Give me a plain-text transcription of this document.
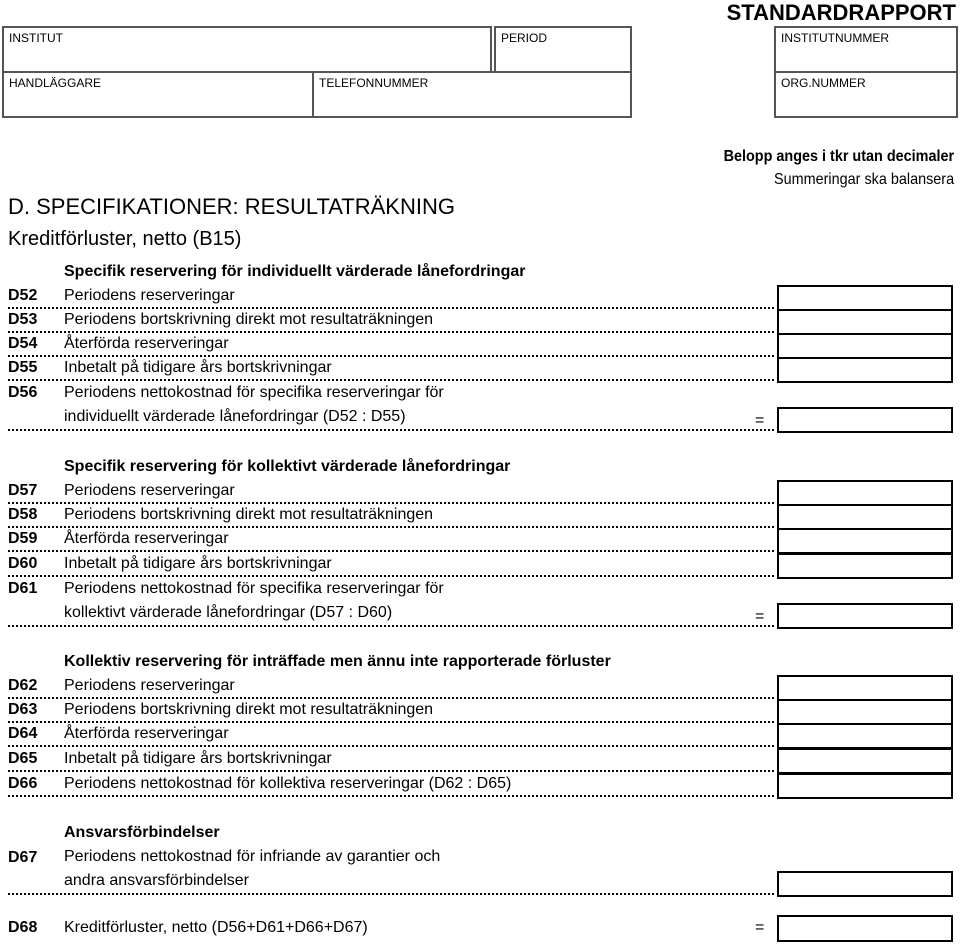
STANDARDRAPPORT
INSTITUT	PERIOD	INSTITUTNUMMER
HANDLÄGGARE	TELEFONNUMMER	ORG.NUMMER
Belopp anges i tkr utan decimaler
Summeringar ska balansera
D. SPECIFIKATIONER: RESULTATRÄKNING
Kreditförluster, netto (B15)
Specifik reservering för individuellt värderade lånefordringar
D52 Periodens reserveringar
D53 Periodens bortskrivning direkt mot resultaträkningen
D54 Återförda reserveringar
D55 Inbetalt på tidigare års bortskrivningar
D56 Periodens nettokostnad för specifika reserveringar för
individuellt värderade lånefordringar (D52 : D55)	=
Specifik reservering för kollektivt värderade lånefordringar
D57 Periodens reserveringar
D58 Periodens bortskrivning direkt mot resultaträkningen
D59 Återförda reserveringar
D60 Inbetalt på tidigare års bortskrivningar
D61 Periodens nettokostnad för specifika reserveringar för
kollektivt värderade lånefordringar (D57 : D60)	=
Kollektiv reservering för inträffade men ännu inte rapporterade förluster
D62 Periodens reserveringar
D63 Periodens bortskrivning direkt mot resultaträkningen
D64 Återförda reserveringar
D65 Inbetalt på tidigare års bortskrivningar
D66 Periodens nettokostnad för kollektiva reserveringar (D62 : D65)
Ansvarsförbindelser
D67 Periodens nettokostnad för infriande av garantier och
andra ansvarsförbindelser
D68 Kreditförluster, netto (D56+D61+D66+D67)	=
